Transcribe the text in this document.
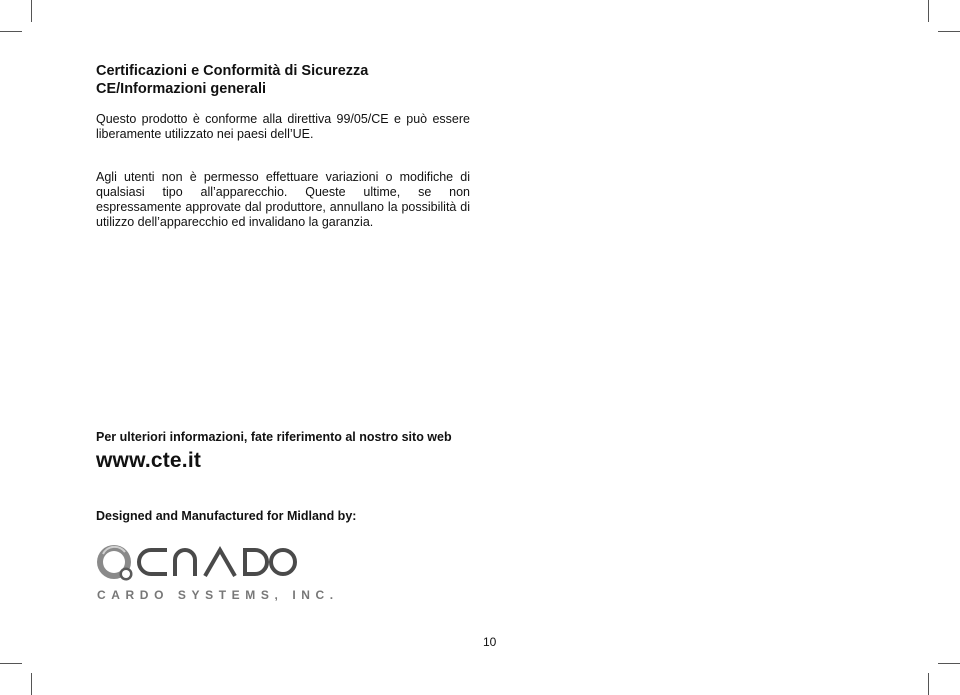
Certificazioni e Conformità di Sicurezza

CE/Informazioni generali

Questo prodotto è conforme alla direttiva 99/05/CE e può essere liberamente utilizzato nei paesi dell’UE.

Agli utenti non è permesso effettuare variazioni o modifiche di qualsiasi tipo all’apparecchio. Queste ultime, se non espressamente approvate dal produttore, annullano la possibilità di utilizzo dell’apparecchio ed invalidano la garanzia.

Per ulteriori informazioni, fate riferimento al nostro sito web
www.cte.it
Designed and Manufactured for Midland by:
CARDO SYSTEMS, INC.
10
